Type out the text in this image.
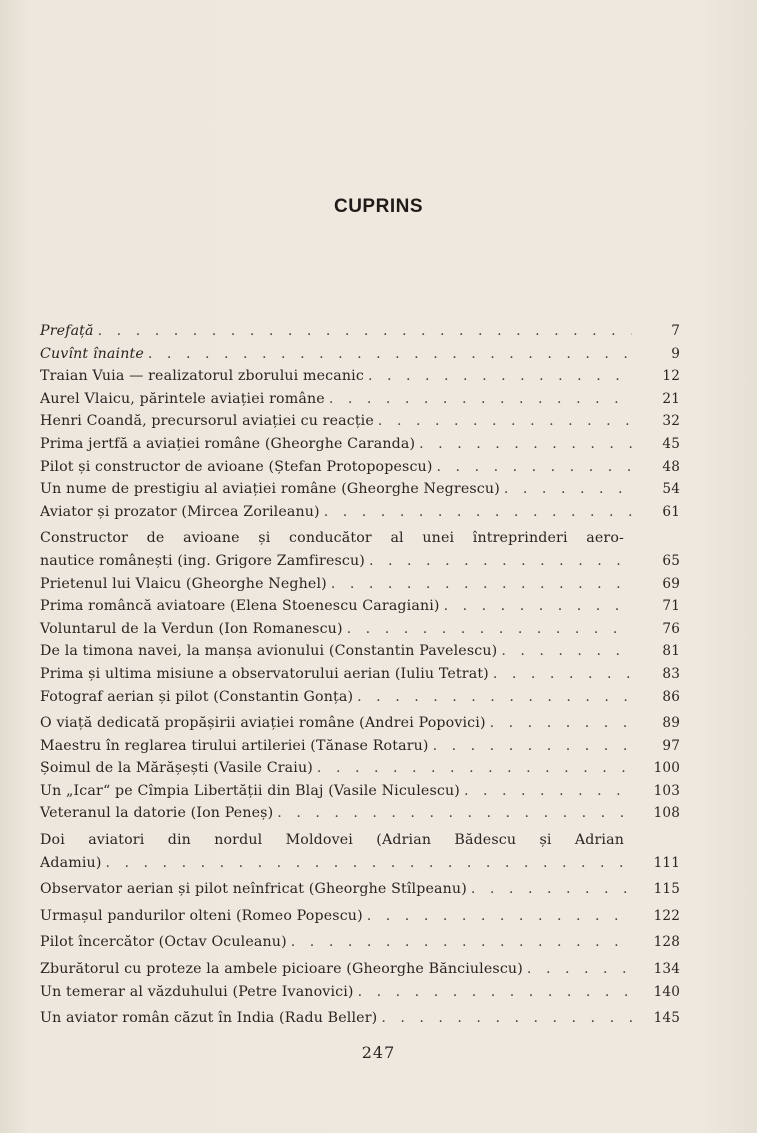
CUPRINS
Prefață . . .	7
Cuvînt înainte . . .	9
Traian Vuia — realizatorul zborului mecanic . . .	12
Aurel Vlaicu, părintele aviației române . . .	21
Henri Coandă, precursorul aviației cu reacție . . .	32
Prima jertfă a aviației române (Gheorghe Caranda) . . .	45
Pilot și constructor de avioane (Ștefan Protopopescu) . . .	48
Un nume de prestigiu al aviației române (Gheorghe Negrescu) . . .	54
Aviator și prozator (Mircea Zorileanu) . . .	61
Constructor de avioane și conducător al unei întreprinderi aero-
nautice românești (ing. Grigore Zamfirescu) . . .	65
Prietenul lui Vlaicu (Gheorghe Neghel) . . .	69
Prima româncă aviatoare (Elena Stoenescu Caragiani) . . .	71
Voluntarul de la Verdun (Ion Romanescu) . . .	76
De la timona navei, la manșa avionului (Constantin Pavelescu) . . .	81
Prima și ultima misiune a observatorului aerian (Iuliu Tetrat) . . .	83
Fotograf aerian și pilot (Constantin Gonța) . . .	86
O viață dedicată propășirii aviației române (Andrei Popovici) . . .	89
Maestru în reglarea tirului artileriei (Tănase Rotaru) . . .	97
Șoimul de la Mărășești (Vasile Craiu) . . .	100
Un „Icar“ pe Cîmpia Libertății din Blaj (Vasile Niculescu) . . .	103
Veteranul la datorie (Ion Peneș) . . .	108
Doi aviatori din nordul Moldovei (Adrian Bădescu și Adrian
Adamiu) . . .	111
Observator aerian și pilot neînfricat (Gheorghe Stîlpeanu) . . .	115
Urmașul pandurilor olteni (Romeo Popescu) . . .	122
Pilot încercător (Octav Oculeanu) . . .	128
Zburătorul cu proteze la ambele picioare (Gheorghe Bănciulescu) . . .	134
Un temerar al văzduhului (Petre Ivanovici) . . .	140
Un aviator român căzut în India (Radu Beller) . . .	145
247
